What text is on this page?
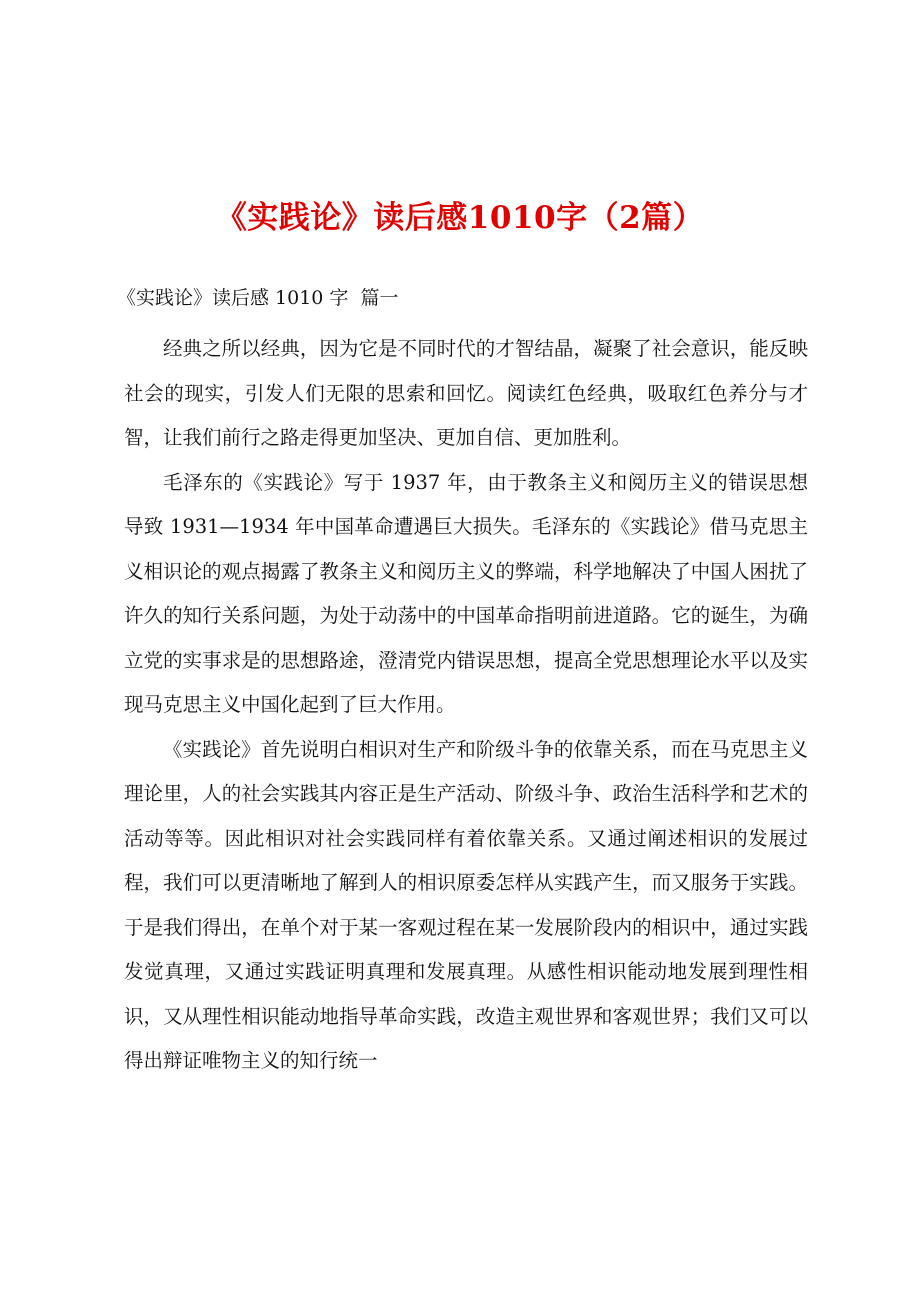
《实践论》读后感1010字（2篇）
《实践论》读后感 1010 字  篇一

经典之所以经典，因为它是不同时代的才智结晶，凝聚了社会意识，能反映社会的现实，引发人们无限的思索和回忆。阅读红色经典，吸取红色养分与才智，让我们前行之路走得更加坚决、更加自信、更加胜利。

毛泽东的《实践论》写于 1937 年，由于教条主义和阅历主义的错误思想导致 1931—1934 年中国革命遭遇巨大损失。毛泽东的《实践论》借马克思主义相识论的观点揭露了教条主义和阅历主义的弊端，科学地解决了中国人困扰了许久的知行关系问题，为处于动荡中的中国革命指明前进道路。它的诞生，为确立党的实事求是的思想路途，澄清党内错误思想，提高全党思想理论水平以及实现马克思主义中国化起到了巨大作用。

《实践论》首先说明白相识对生产和阶级斗争的依靠关系，而在马克思主义理论里，人的社会实践其内容正是生产活动、阶级斗争、政治生活科学和艺术的活动等等。因此相识对社会实践同样有着依靠关系。又通过阐述相识的发展过程，我们可以更清晰地了解到人的相识原委怎样从实践产生，而又服务于实践。于是我们得出，在单个对于某一客观过程在某一发展阶段内的相识中，通过实践发觉真理，又通过实践证明真理和发展真理。从感性相识能动地发展到理性相识，又从理性相识能动地指导革命实践，改造主观世界和客观世界；我们又可以得出辩证唯物主义的知行统一
